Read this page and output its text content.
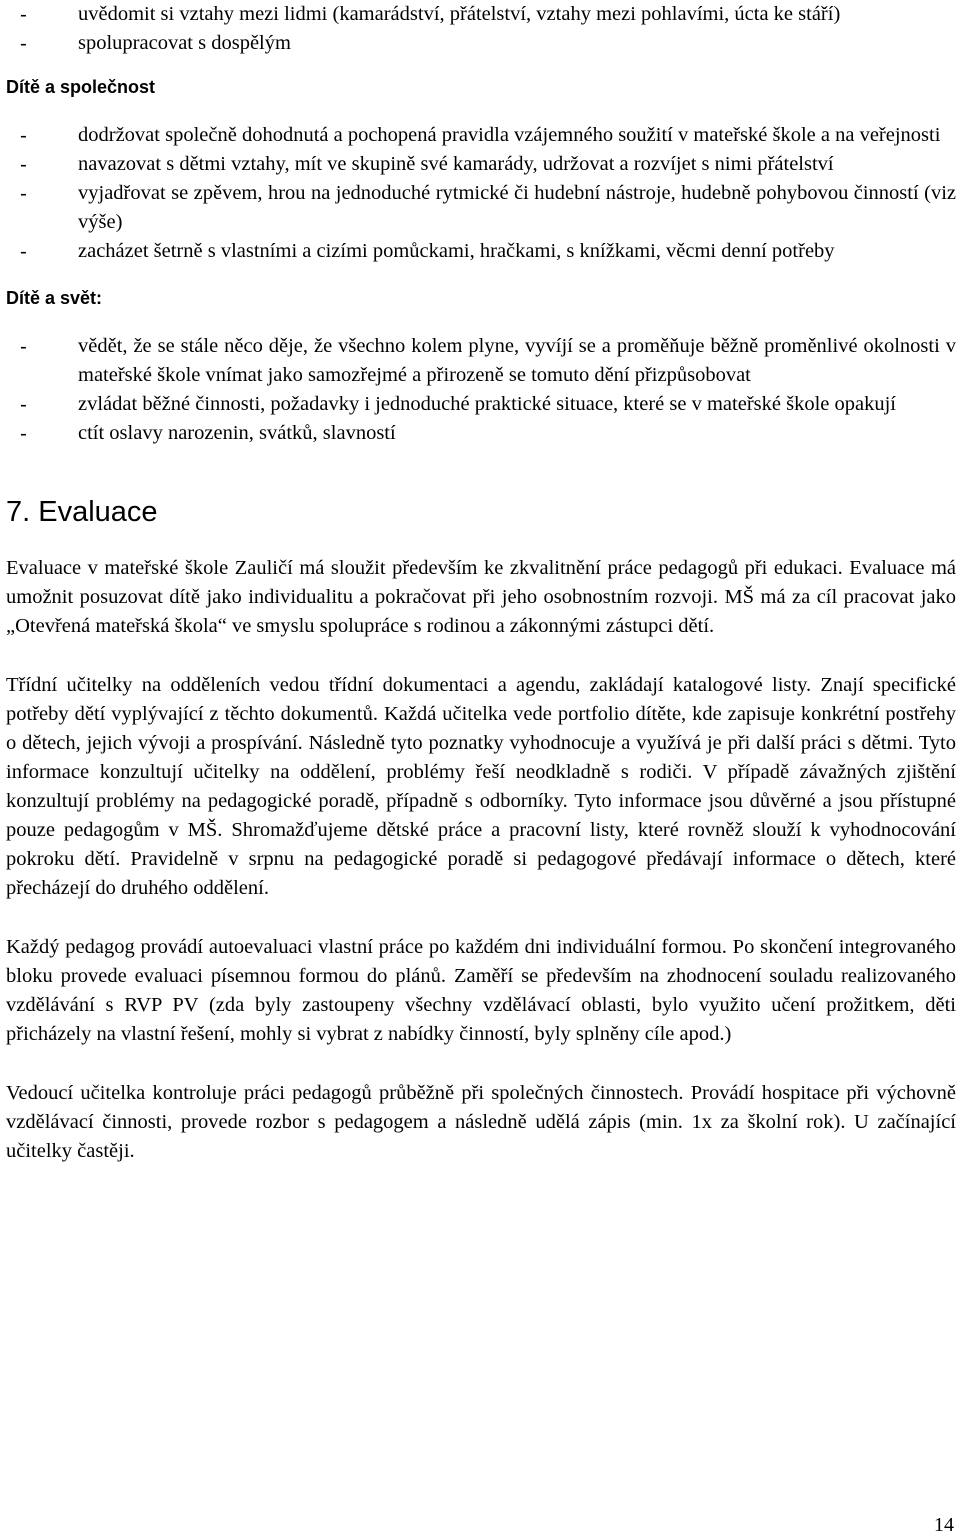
- uvědomit si vztahy mezi lidmi (kamarádství, přátelství, vztahy mezi pohlavími, úcta ke stáří)
- spolupracovat s dospělým
Dítě a společnost
- dodržovat společně dohodnutá a pochopená pravidla vzájemného soužití v mateřské škole a na veřejnosti
- navazovat s dětmi vztahy, mít ve skupině své kamarády, udržovat a rozvíjet s nimi přátelství
- vyjadřovat se zpěvem, hrou na jednoduché rytmické či hudební nástroje, hudebně pohybovou činností (viz výše)
- zacházet šetrně s vlastními a cizími pomůckami, hračkami, s knížkami, věcmi denní potřeby
Dítě a svět:
- vědět, že se stále něco děje, že všechno kolem plyne, vyvíjí se a proměňuje běžně proměnlivé okolnosti v mateřské škole vnímat jako samozřejmé a přirozeně se tomuto dění přizpůsobovat
- zvládat běžné činnosti, požadavky i jednoduché praktické situace, které se v mateřské škole opakují
- ctít oslavy narozenin, svátků, slavností
7. Evaluace

Evaluace v mateřské škole Zauličí má sloužit především ke zkvalitnění práce pedagogů při edukaci. Evaluace má umožnit posuzovat dítě jako individualitu a pokračovat při jeho osobnostním rozvoji. MŠ má za cíl pracovat jako „Otevřená mateřská škola“ ve smyslu spolupráce s rodinou a zákonnými zástupci dětí.

Třídní učitelky na odděleních vedou třídní dokumentaci a agendu, zakládají katalogové listy. Znají specifické potřeby dětí vyplývající z těchto dokumentů. Každá učitelka vede portfolio dítěte, kde zapisuje konkrétní postřehy o dětech, jejich vývoji a prospívání. Následně tyto poznatky vyhodnocuje a využívá je při další práci s dětmi. Tyto informace konzultují učitelky na oddělení, problémy řeší neodkladně s rodiči. V případě závažných zjištění konzultují problémy na pedagogické poradě, případně s odborníky. Tyto informace jsou důvěrné a jsou přístupné pouze pedagogům v MŠ. Shromažďujeme dětské práce a pracovní listy, které rovněž slouží k vyhodnocování pokroku dětí. Pravidelně v srpnu na pedagogické poradě si pedagogové předávají informace o dětech, které přecházejí do druhého oddělení.

Každý pedagog provádí autoevaluaci vlastní práce po každém dni individuální formou. Po skončení integrovaného bloku provede evaluaci písemnou formou do plánů. Zaměří se především na zhodnocení souladu realizovaného vzdělávání s RVP PV (zda byly zastoupeny všechny vzdělávací oblasti, bylo využito učení prožitkem, děti přicházely na vlastní řešení, mohly si vybrat z nabídky činností, byly splněny cíle apod.)

Vedoucí učitelka kontroluje práci pedagogů průběžně při společných činnostech. Provádí hospitace při výchovně vzdělávací činnosti, provede rozbor s pedagogem a následně udělá zápis (min. 1x za školní rok). U začínající učitelky častěji.

14
